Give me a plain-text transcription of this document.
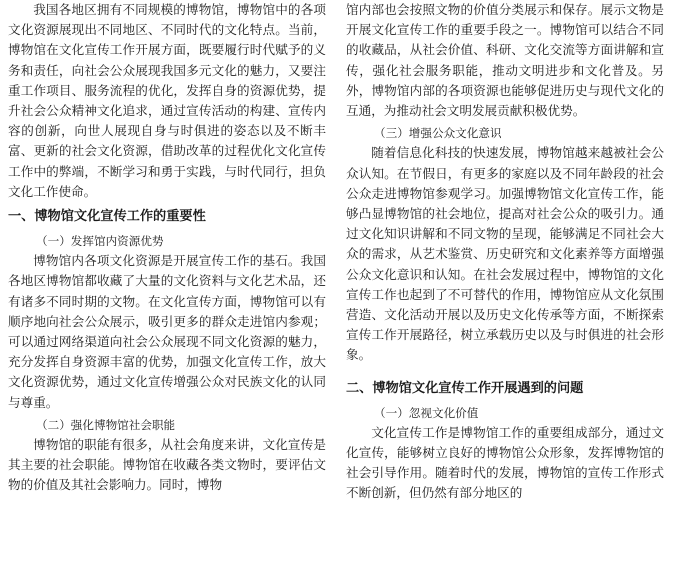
我国各地区拥有不同规模的博物馆，博物馆中的各项文化资源展现出不同地区、不同时代的文化特点。当前，博物馆在文化宣传工作开展方面，既要履行时代赋予的义务和责任，向社会公众展现我国多元文化的魅力，又要注重工作项目、服务流程的优化，发挥自身的资源优势，提升社会公众精神文化追求，通过宣传活动的构建、宣传内容的创新，向世人展现自身与时俱进的姿态以及不断丰富、更新的社会文化资源，借助改革的过程优化文化宣传工作中的弊端，不断学习和勇于实践，与时代同行，担负文化工作使命。

一、博物馆文化宣传工作的重要性
（一）发挥馆内资源优势

博物馆内各项文化资源是开展宣传工作的基石。我国各地区博物馆都收藏了大量的文化资料与文化艺术品，还有诸多不同时期的文物。在文化宣传方面，博物馆可以有顺序地向社会公众展示，吸引更多的群众走进馆内参观；可以通过网络渠道向社会公众展现不同文化资源的魅力，充分发挥自身资源丰富的优势，加强文化宣传工作，放大文化资源优势，通过文化宣传增强公众对民族文化的认同与尊重。

（二）强化博物馆社会职能

博物馆的职能有很多，从社会角度来讲，文化宣传是其主要的社会职能。博物馆在收藏各类文物时，要评估文物的价值及其社会影响力。同时，博物

馆内部也会按照文物的价值分类展示和保存。展示文物是开展文化宣传工作的重要手段之一。博物馆可以结合不同的收藏品，从社会价值、科研、文化交流等方面讲解和宣传，强化社会服务职能，推动文明进步和文化普及。另外，博物馆内部的各项资源也能够促进历史与现代文化的互通，为推动社会文明发展贡献积极优势。

（三）增强公众文化意识

随着信息化科技的快速发展，博物馆越来越被社会公众认知。在节假日，有更多的家庭以及不同年龄段的社会公众走进博物馆参观学习。加强博物馆文化宣传工作，能够凸显博物馆的社会地位，提高对社会公众的吸引力。通过文化知识讲解和不同文物的呈现，能够满足不同社会大众的需求，从艺术鉴赏、历史研究和文化素养等方面增强公众文化意识和认知。在社会发展过程中，博物馆的文化宣传工作也起到了不可替代的作用，博物馆应从文化氛围营造、文化活动开展以及历史文化传承等方面，不断探索宣传工作开展路径，树立承载历史以及与时俱进的社会形象。

二、博物馆文化宣传工作开展遇到的问题
（一）忽视文化价值

文化宣传工作是博物馆工作的重要组成部分，通过文化宣传，能够树立良好的博物馆公众形象，发挥博物馆的社会引导作用。随着时代的发展，博物馆的宣传工作形式不断创新，但仍然有部分地区的
